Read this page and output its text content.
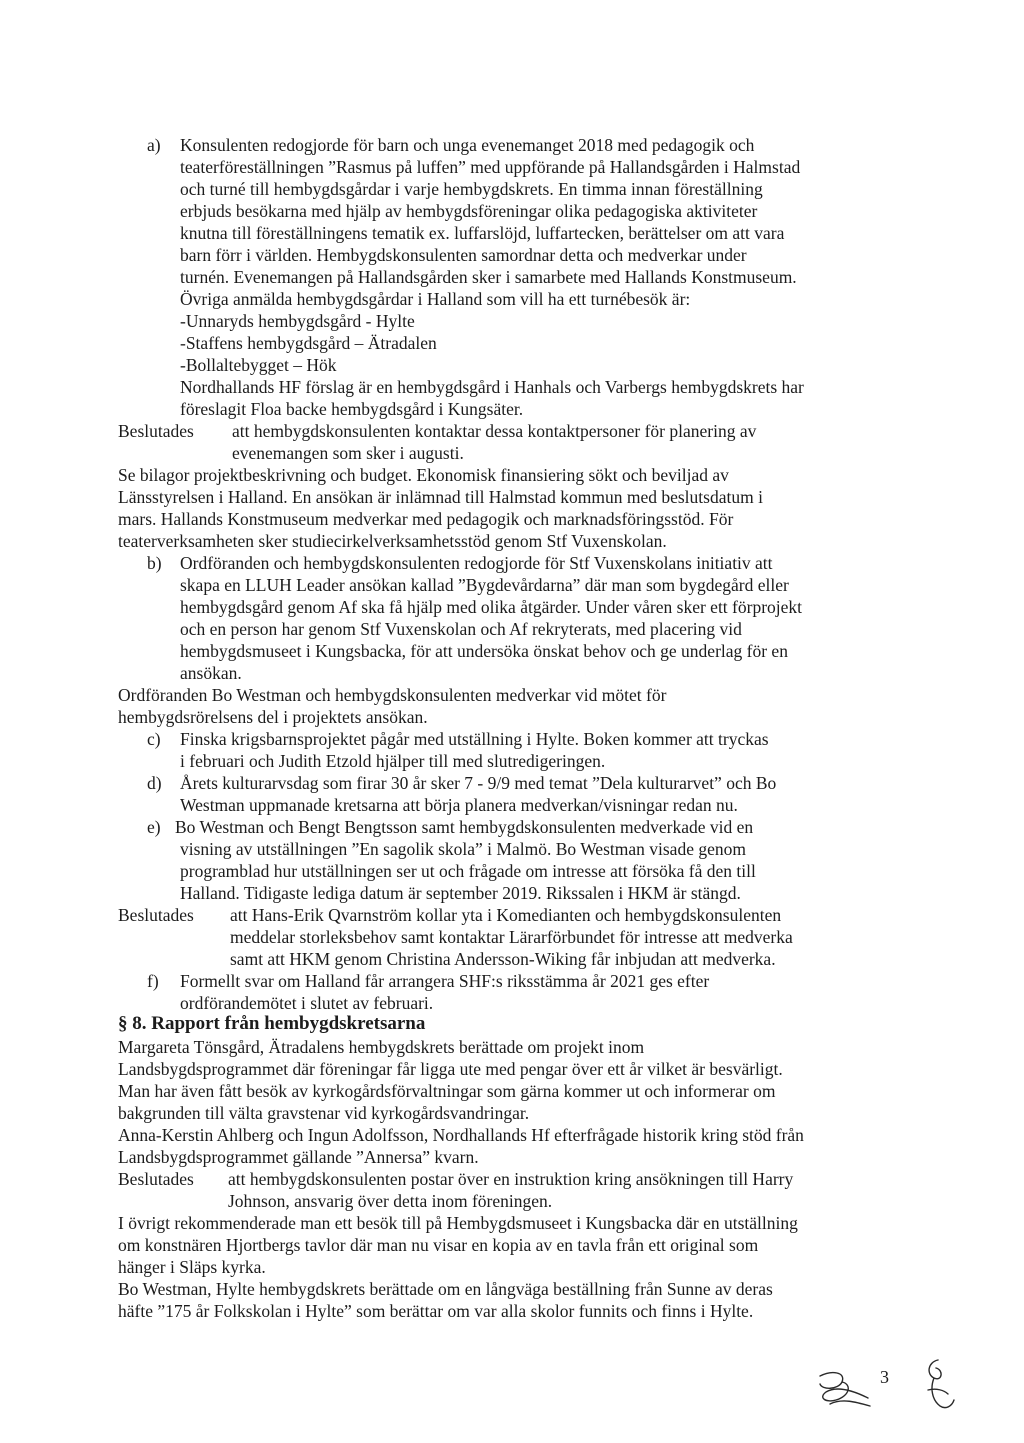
a) Konsulenten redogjorde för barn och unga evenemanget 2018 med pedagogik och
teaterföreställningen ”Rasmus på luffen” med uppförande på Hallandsgården i Halmstad
och turné till hembygdsgårdar i varje hembygdskrets. En timma innan föreställning
erbjuds besökarna med hjälp av hembygdsföreningar olika pedagogiska aktiviteter
knutna till föreställningens tematik ex. luffarslöjd, luffartecken, berättelser om att vara
barn förr i världen. Hembygdskonsulenten samordnar detta och medverkar under
turnén. Evenemangen på Hallandsgården sker i samarbete med Hallands Konstmuseum.
Övriga anmälda hembygdsgårdar i Halland som vill ha ett turnébesök är:
-Unnaryds hembygdsgård - Hylte
-Staffens hembygdsgård – Ätradalen
-Bollaltebygget – Hök
Nordhallands HF förslag är en hembygdsgård i Hanhals och Varbergs hembygdskrets har
föreslagit Floa backe hembygdsgård i Kungsäter.
Beslutades att hembygdskonsulenten kontaktar dessa kontaktpersoner för planering av
evenemangen som sker i augusti.
Se bilagor projektbeskrivning och budget. Ekonomisk finansiering sökt och beviljad av
Länsstyrelsen i Halland. En ansökan är inlämnad till Halmstad kommun med beslutsdatum i
mars. Hallands Konstmuseum medverkar med pedagogik och marknadsföringsstöd. För
teaterverksamheten sker studiecirkelverksamhetsstöd genom Stf Vuxenskolan.
b) Ordföranden och hembygdskonsulenten redogjorde för Stf Vuxenskolans initiativ att
skapa en LLUH Leader ansökan kallad ”Bygdevårdarna” där man som bygdegård eller
hembygdsgård genom Af ska få hjälp med olika åtgärder. Under våren sker ett förprojekt
och en person har genom Stf Vuxenskolan och Af rekryterats, med placering vid
hembygdsmuseet i Kungsbacka, för att undersöka önskat behov och ge underlag för en
ansökan.
Ordföranden Bo Westman och hembygdskonsulenten medverkar vid mötet för
hembygdsrörelsens del i projektets ansökan.
c) Finska krigsbarnsprojektet pågår med utställning i Hylte. Boken kommer att tryckas
i februari och Judith Etzold hjälper till med slutredigeringen.
d) Årets kulturarvsdag som firar 30 år sker 7 - 9/9 med temat ”Dela kulturarvet” och Bo
Westman uppmanade kretsarna att börja planera medverkan/visningar redan nu.
e) Bo Westman och Bengt Bengtsson samt hembygdskonsulenten medverkade vid en
visning av utställningen ”En sagolik skola” i Malmö. Bo Westman visade genom
programblad hur utställningen ser ut och frågade om intresse att försöka få den till
Halland. Tidigaste lediga datum är september 2019. Rikssalen i HKM är stängd.
Beslutades att Hans-Erik Qvarnström kollar yta i Komedianten och hembygdskonsulenten
meddelar storleksbehov samt kontaktar Lärarförbundet för intresse att medverka
samt att HKM genom Christina Andersson-Wiking får inbjudan att medverka.
f) Formellt svar om Halland får arrangera SHF:s riksstämma år 2021 ges efter
ordförandemötet i slutet av februari.
§ 8. Rapport från hembygdskretsarna
Margareta Tönsgård, Ätradalens hembygdskrets berättade om projekt inom
Landsbygdsprogrammet där föreningar får ligga ute med pengar över ett år vilket är besvärligt.
Man har även fått besök av kyrkogårdsförvaltningar som gärna kommer ut och informerar om
bakgrunden till välta gravstenar vid kyrkogårdsvandringar.
Anna-Kerstin Ahlberg och Ingun Adolfsson, Nordhallands Hf efterfrågade historik kring stöd från
Landsbygdsprogrammet gällande ”Annersa” kvarn.
Beslutades att hembygdskonsulenten postar över en instruktion kring ansökningen till Harry
Johnson, ansvarig över detta inom föreningen.
I övrigt rekommenderade man ett besök till på Hembygdsmuseet i Kungsbacka där en utställning
om konstnären Hjortbergs tavlor där man nu visar en kopia av en tavla från ett original som
hänger i Släps kyrka.
Bo Westman, Hylte hembygdskrets berättade om en långväga beställning från Sunne av deras
häfte ”175 år Folkskolan i Hylte” som berättar om var alla skolor funnits och finns i Hylte.
3
